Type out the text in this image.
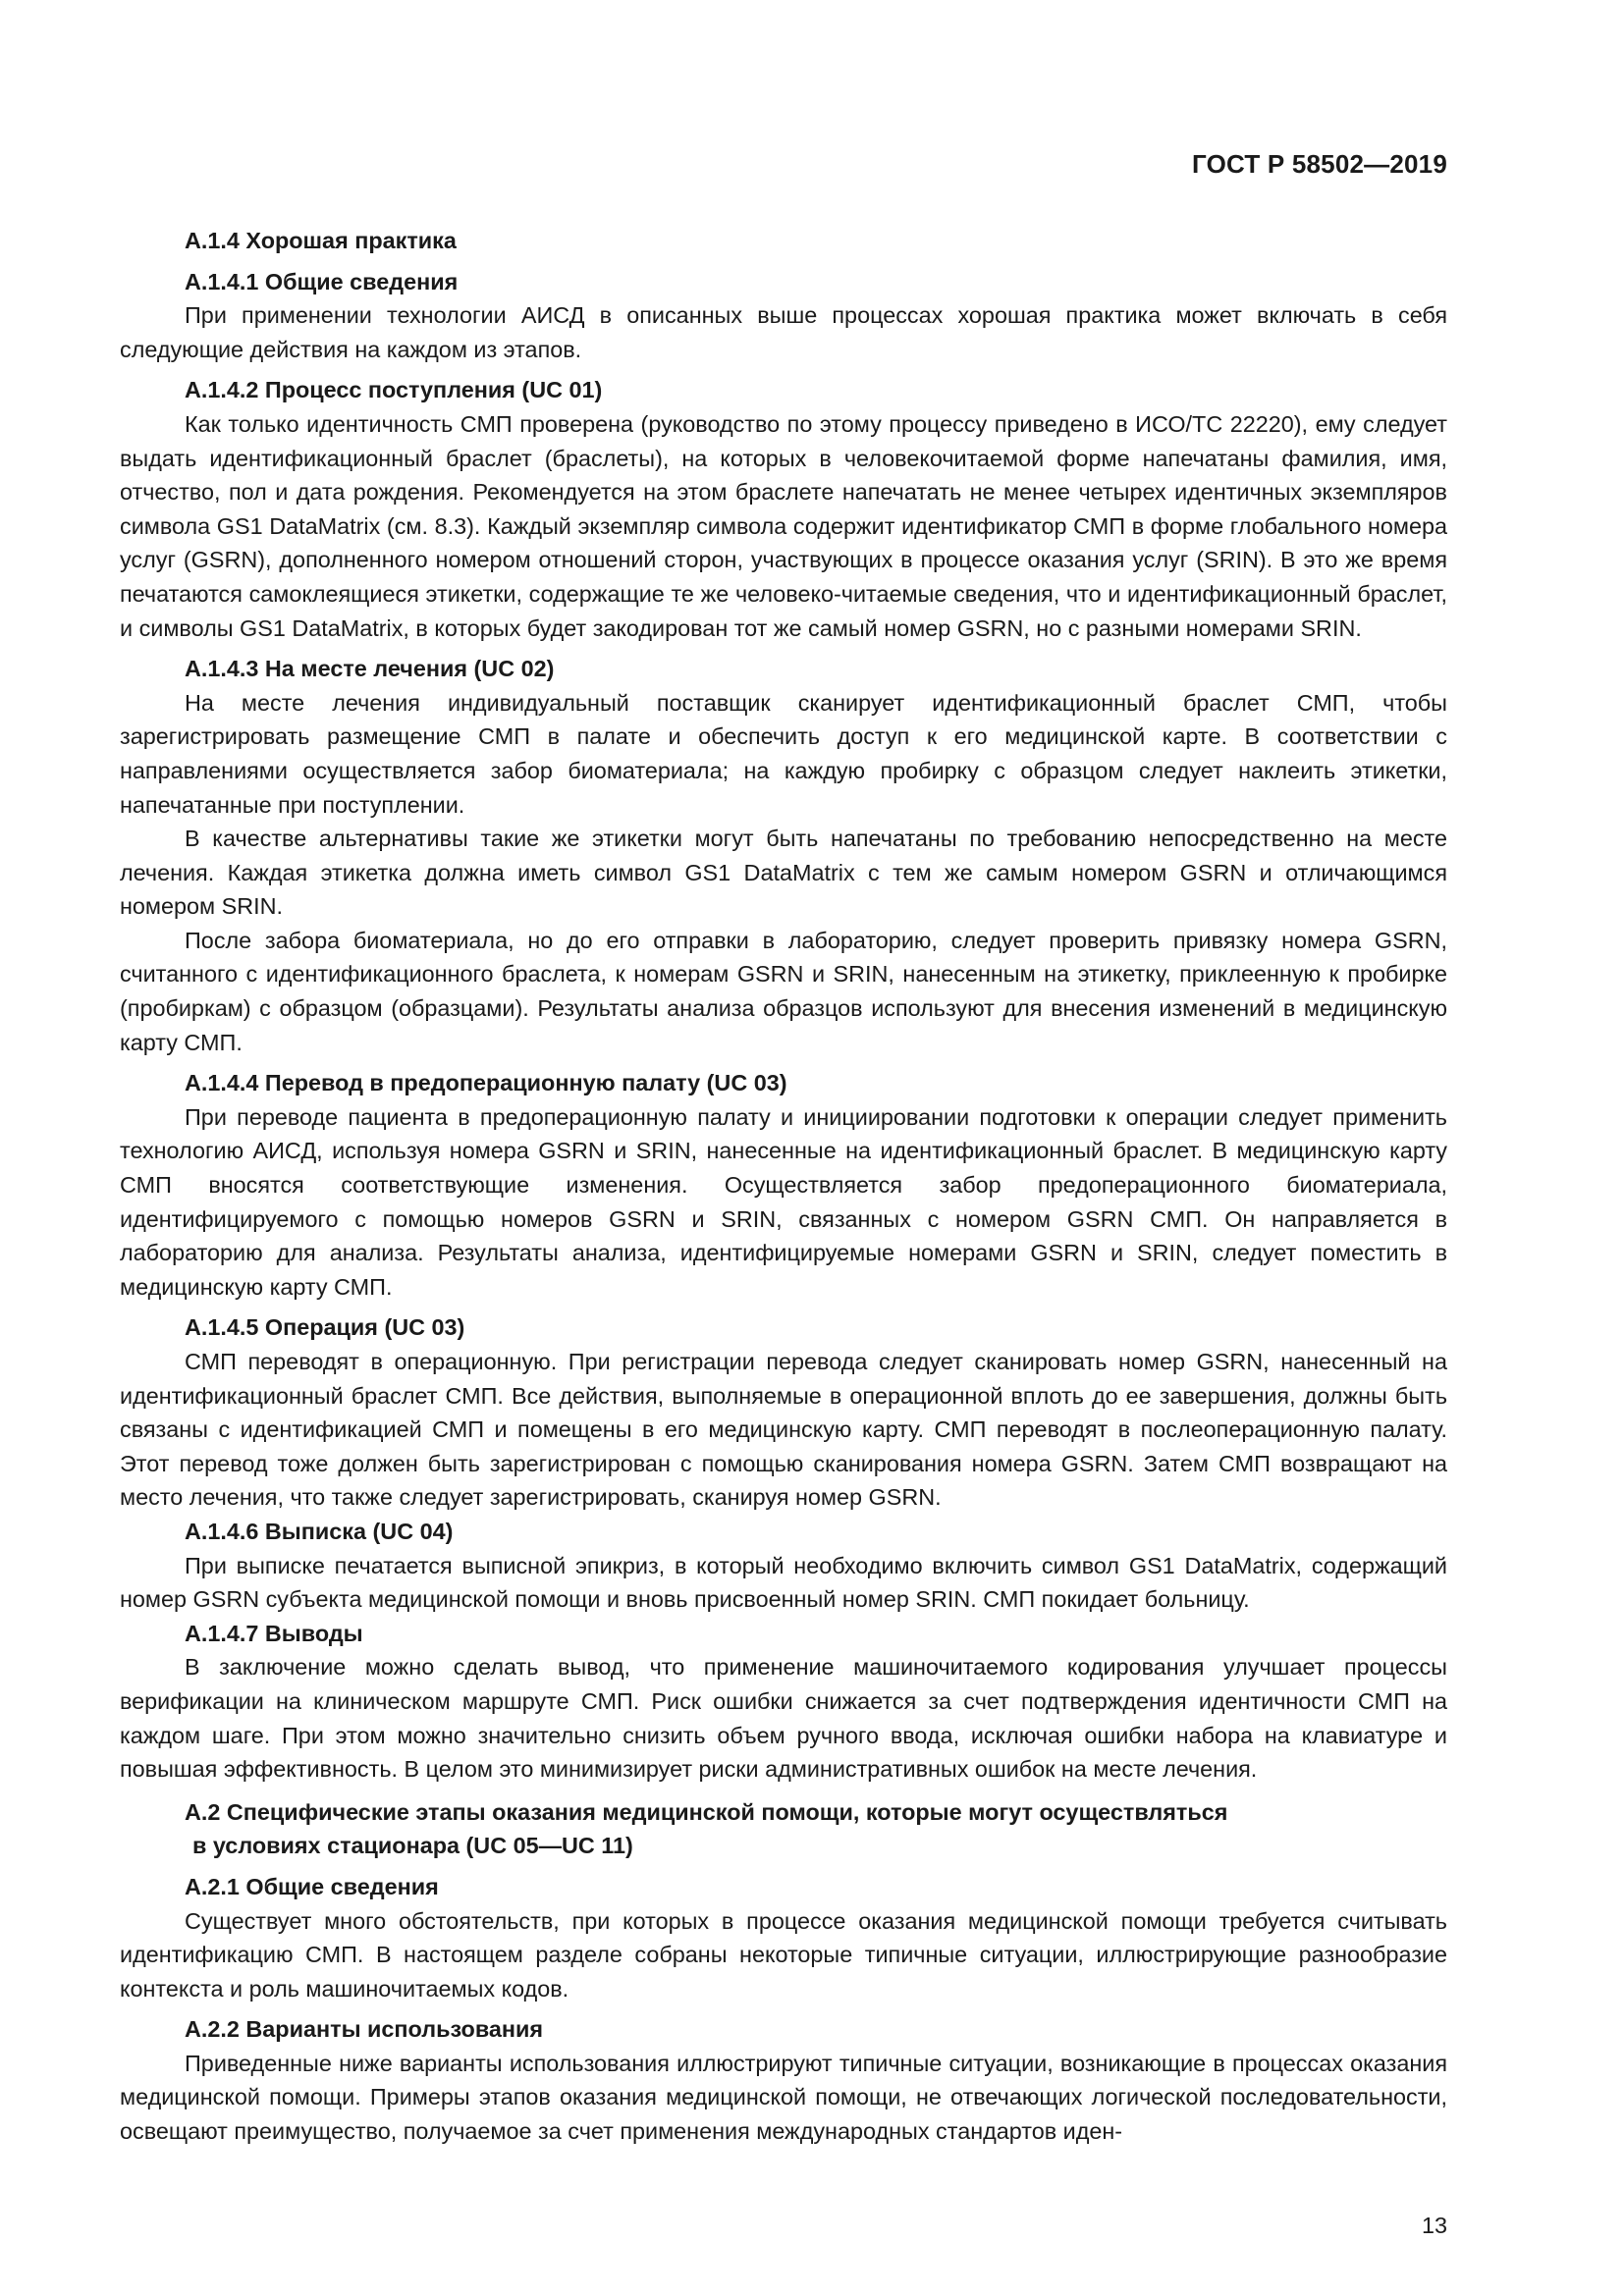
ГОСТ Р 58502—2019

А.1.4 Хорошая практика

А.1.4.1 Общие сведения

При применении технологии АИСД в описанных выше процессах хорошая практика может включать в себя следующие действия на каждом из этапов.

А.1.4.2 Процесс поступления (UC 01)

Как только идентичность СМП проверена (руководство по этому процессу приведено в ИСО/ТС 22220), ему следует выдать идентификационный браслет (браслеты), на которых в человекочитаемой форме напечатаны фамилия, имя, отчество, пол и дата рождения. Рекомендуется на этом браслете напечатать не менее четырех идентичных экземпляров символа GS1 DataMatrix (см. 8.3). Каждый экземпляр символа содержит идентификатор СМП в форме глобального номера услуг (GSRN), дополненного номером отношений сторон, участвующих в процессе оказания услуг (SRIN). В это же время печатаются самоклеящиеся этикетки, содержащие те же человеко-читаемые сведения, что и идентификационный браслет, и символы GS1 DataMatrix, в которых будет закодирован тот же самый номер GSRN, но с разными номерами SRIN.

А.1.4.3 На месте лечения (UC 02)

На месте лечения индивидуальный поставщик сканирует идентификационный браслет СМП, чтобы зарегистрировать размещение СМП в палате и обеспечить доступ к его медицинской карте. В соответствии с направлениями осуществляется забор биоматериала; на каждую пробирку с образцом следует наклеить этикетки, напечатанные при поступлении.

В качестве альтернативы такие же этикетки могут быть напечатаны по требованию непосредственно на месте лечения. Каждая этикетка должна иметь символ GS1 DataMatrix с тем же самым номером GSRN и отличающимся номером SRIN.

После забора биоматериала, но до его отправки в лабораторию, следует проверить привязку номера GSRN, считанного с идентификационного браслета, к номерам GSRN и SRIN, нанесенным на этикетку, приклеенную к пробирке (пробиркам) с образцом (образцами). Результаты анализа образцов используют для внесения изменений в медицинскую карту СМП.

А.1.4.4 Перевод в предоперационную палату (UC 03)

При переводе пациента в предоперационную палату и инициировании подготовки к операции следует применить технологию АИСД, используя номера GSRN и SRIN, нанесенные на идентификационный браслет. В медицинскую карту СМП вносятся соответствующие изменения. Осуществляется забор предоперационного биоматериала, идентифицируемого с помощью номеров GSRN и SRIN, связанных с номером GSRN СМП. Он направляется в лабораторию для анализа. Результаты анализа, идентифицируемые номерами GSRN и SRIN, следует поместить в медицинскую карту СМП.

А.1.4.5 Операция (UC 03)

СМП переводят в операционную. При регистрации перевода следует сканировать номер GSRN, нанесенный на идентификационный браслет СМП. Все действия, выполняемые в операционной вплоть до ее завершения, должны быть связаны с идентификацией СМП и помещены в его медицинскую карту. СМП переводят в послеоперационную палату. Этот перевод тоже должен быть зарегистрирован с помощью сканирования номера GSRN. Затем СМП возвращают на место лечения, что также следует зарегистрировать, сканируя номер GSRN.

А.1.4.6 Выписка (UC 04)

При выписке печатается выписной эпикриз, в который необходимо включить символ GS1 DataMatrix, содержащий номер GSRN субъекта медицинской помощи и вновь присвоенный номер SRIN. СМП покидает больницу.

А.1.4.7 Выводы

В заключение можно сделать вывод, что применение машиночитаемого кодирования улучшает процессы верификации на клиническом маршруте СМП. Риск ошибки снижается за счет подтверждения идентичности СМП на каждом шаге. При этом можно значительно снизить объем ручного ввода, исключая ошибки набора на клавиатуре и повышая эффективность. В целом это минимизирует риски административных ошибок на месте лечения.

А.2 Специфические этапы оказания медицинской помощи, которые могут осуществляться
в условиях стационара (UC 05—UC 11)

А.2.1 Общие сведения

Существует много обстоятельств, при которых в процессе оказания медицинской помощи требуется считывать идентификацию СМП. В настоящем разделе собраны некоторые типичные ситуации, иллюстрирующие разнообразие контекста и роль машиночитаемых кодов.

А.2.2 Варианты использования

Приведенные ниже варианты использования иллюстрируют типичные ситуации, возникающие в процессах оказания медицинской помощи. Примеры этапов оказания медицинской помощи, не отвечающих логической последовательности, освещают преимущество, получаемое за счет применения международных стандартов иден-

13
